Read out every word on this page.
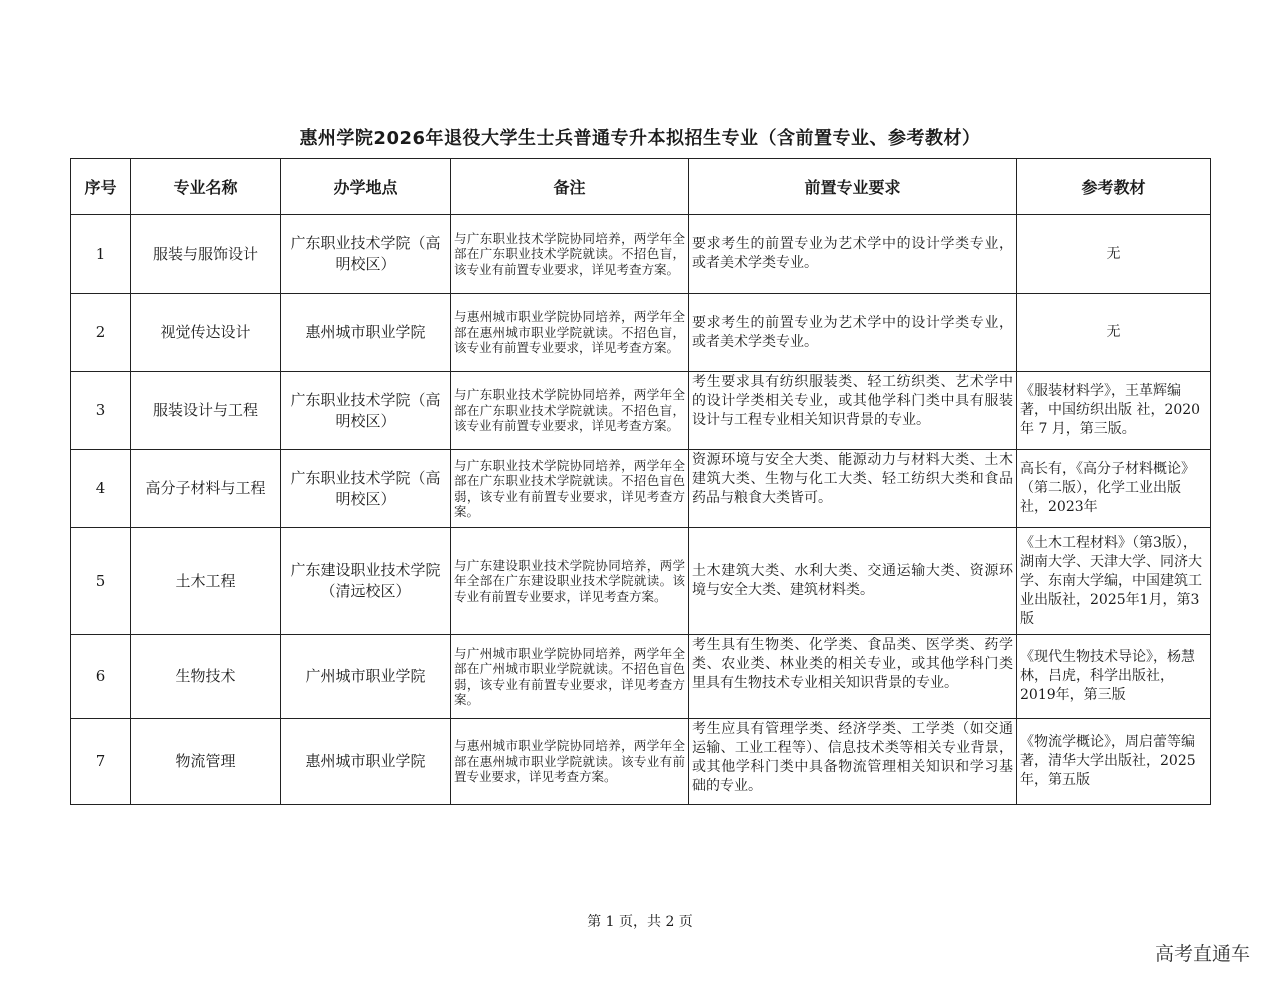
惠州学院2026年退役大学生士兵普通专升本拟招生专业（含前置专业、参考教材）
序号	专业名称	办学地点	备注	前置专业要求	参考教材
1	服装与服饰设计	广东职业技术学院（高明校区）	与广东职业技术学院协同培养，两学年全部在广东职业技术学院就读。不招色盲，该专业有前置专业要求，详见考查方案。	要求考生的前置专业为艺术学中的设计学类专业，或者美术学类专业。	无
2	视觉传达设计	惠州城市职业学院	与惠州城市职业学院协同培养，两学年全部在惠州城市职业学院就读。不招色盲，该专业有前置专业要求，详见考查方案。	要求考生的前置专业为艺术学中的设计学类专业，或者美术学类专业。	无
3	服装设计与工程	广东职业技术学院（高明校区）	与广东职业技术学院协同培养，两学年全部在广东职业技术学院就读。不招色盲，该专业有前置专业要求，详见考查方案。	考生要求具有纺织服装类、轻工纺织类、艺术学中的设计学类相关专业，或其他学科门类中具有服装设计与工程专业相关知识背景的专业。	《服装材料学》，王革辉编著，中国纺织出版 社，2020 年 7 月，第三版。
4	高分子材料与工程	广东职业技术学院（高明校区）	与广东职业技术学院协同培养，两学年全部在广东职业技术学院就读。不招色盲色弱，该专业有前置专业要求，详见考查方案。	资源环境与安全大类、能源动力与材料大类、土木建筑大类、生物与化工大类、轻工纺织大类和食品药品与粮食大类皆可。	高长有，《高分子材料概论》（第二版），化学工业出版社，2023年
5	土木工程	广东建设职业技术学院（清远校区）	与广东建设职业技术学院协同培养，两学年全部在广东建设职业技术学院就读。该专业有前置专业要求，详见考查方案。	土木建筑大类、水利大类、交通运输大类、资源环境与安全大类、建筑材料类。	《土木工程材料》（第3版），湖南大学、天津大学、同济大学、东南大学编，中国建筑工业出版社，2025年1月，第3版
6	生物技术	广州城市职业学院	与广州城市职业学院协同培养，两学年全部在广州城市职业学院就读。不招色盲色弱，该专业有前置专业要求，详见考查方案。	考生具有生物类、化学类、食品类、医学类、药学类、农业类、林业类的相关专业，或其他学科门类里具有生物技术专业相关知识背景的专业。	《现代生物技术导论》，杨慧林，吕虎，科学出版社，2019年，第三版
7	物流管理	惠州城市职业学院	与惠州城市职业学院协同培养，两学年全部在惠州城市职业学院就读。该专业有前置专业要求，详见考查方案。	考生应具有管理学类、经济学类、工学类（如交通运输、工业工程等）、信息技术类等相关专业背景，或其他学科门类中具备物流管理相关知识和学习基础的专业。	《物流学概论》，周启蕾等编著，清华大学出版社，2025年，第五版
第 1 页，共 2 页
高考直通车
